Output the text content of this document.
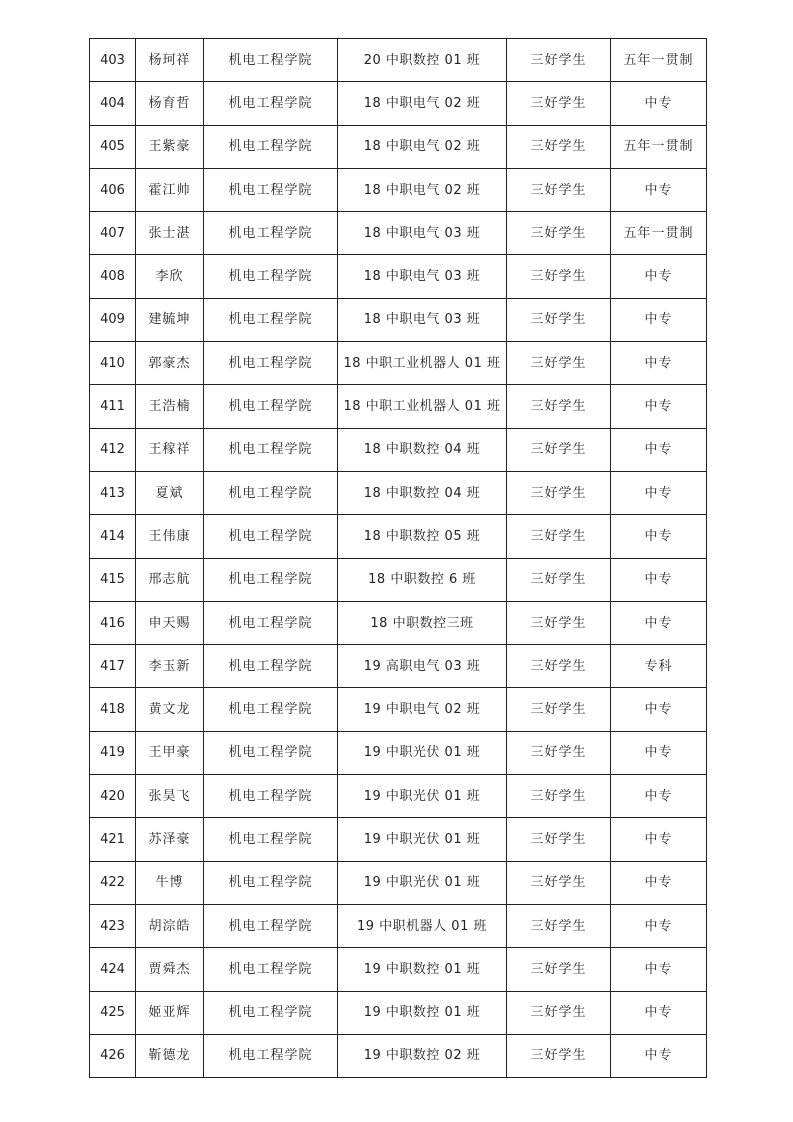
403	杨珂祥	机电工程学院	20 中职数控 01 班	三好学生	五年一贯制
404	杨育哲	机电工程学院	18 中职电气 02 班	三好学生	中专
405	王紫豪	机电工程学院	18 中职电气 02 班	三好学生	五年一贯制
406	霍江帅	机电工程学院	18 中职电气 02 班	三好学生	中专
407	张士湛	机电工程学院	18 中职电气 03 班	三好学生	五年一贯制
408	李欣	机电工程学院	18 中职电气 03 班	三好学生	中专
409	建毓坤	机电工程学院	18 中职电气 03 班	三好学生	中专
410	郭豪杰	机电工程学院	18 中职工业机器人 01 班	三好学生	中专
411	王浩楠	机电工程学院	18 中职工业机器人 01 班	三好学生	中专
412	王稼祥	机电工程学院	18 中职数控 04 班	三好学生	中专
413	夏斌	机电工程学院	18 中职数控 04 班	三好学生	中专
414	王伟康	机电工程学院	18 中职数控 05 班	三好学生	中专
415	邢志航	机电工程学院	18 中职数控 6 班	三好学生	中专
416	申天赐	机电工程学院	18 中职数控三班	三好学生	中专
417	李玉新	机电工程学院	19 高职电气 03 班	三好学生	专科
418	黄文龙	机电工程学院	19 中职电气 02 班	三好学生	中专
419	王甲豪	机电工程学院	19 中职光伏 01 班	三好学生	中专
420	张昊飞	机电工程学院	19 中职光伏 01 班	三好学生	中专
421	苏泽豪	机电工程学院	19 中职光伏 01 班	三好学生	中专
422	牛博	机电工程学院	19 中职光伏 01 班	三好学生	中专
423	胡淙皓	机电工程学院	19 中职机器人 01 班	三好学生	中专
424	贾舜杰	机电工程学院	19 中职数控 01 班	三好学生	中专
425	姬亚辉	机电工程学院	19 中职数控 01 班	三好学生	中专
426	靳德龙	机电工程学院	19 中职数控 02 班	三好学生	中专
